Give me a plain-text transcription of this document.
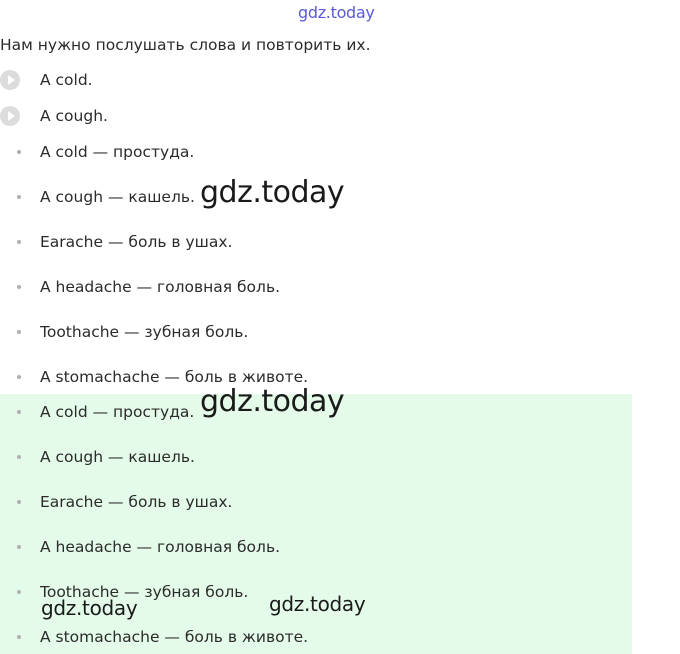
gdz.today
Нам нужно послушать слова и повторить их.
A cold.
A cough.
A cold — простуда.
A cough — кашель.
Earache — боль в ушах.
A headache — головная боль.
Toothache — зубная боль.
A stomachache — боль в животе.
A cold — простуда.
A cough — кашель.
Earache — боль в ушах.
A headache — головная боль.
Toothache — зубная боль.
A stomachache — боль в животе.
gdz.today
gdz.today
gdz.today	gdz.today
